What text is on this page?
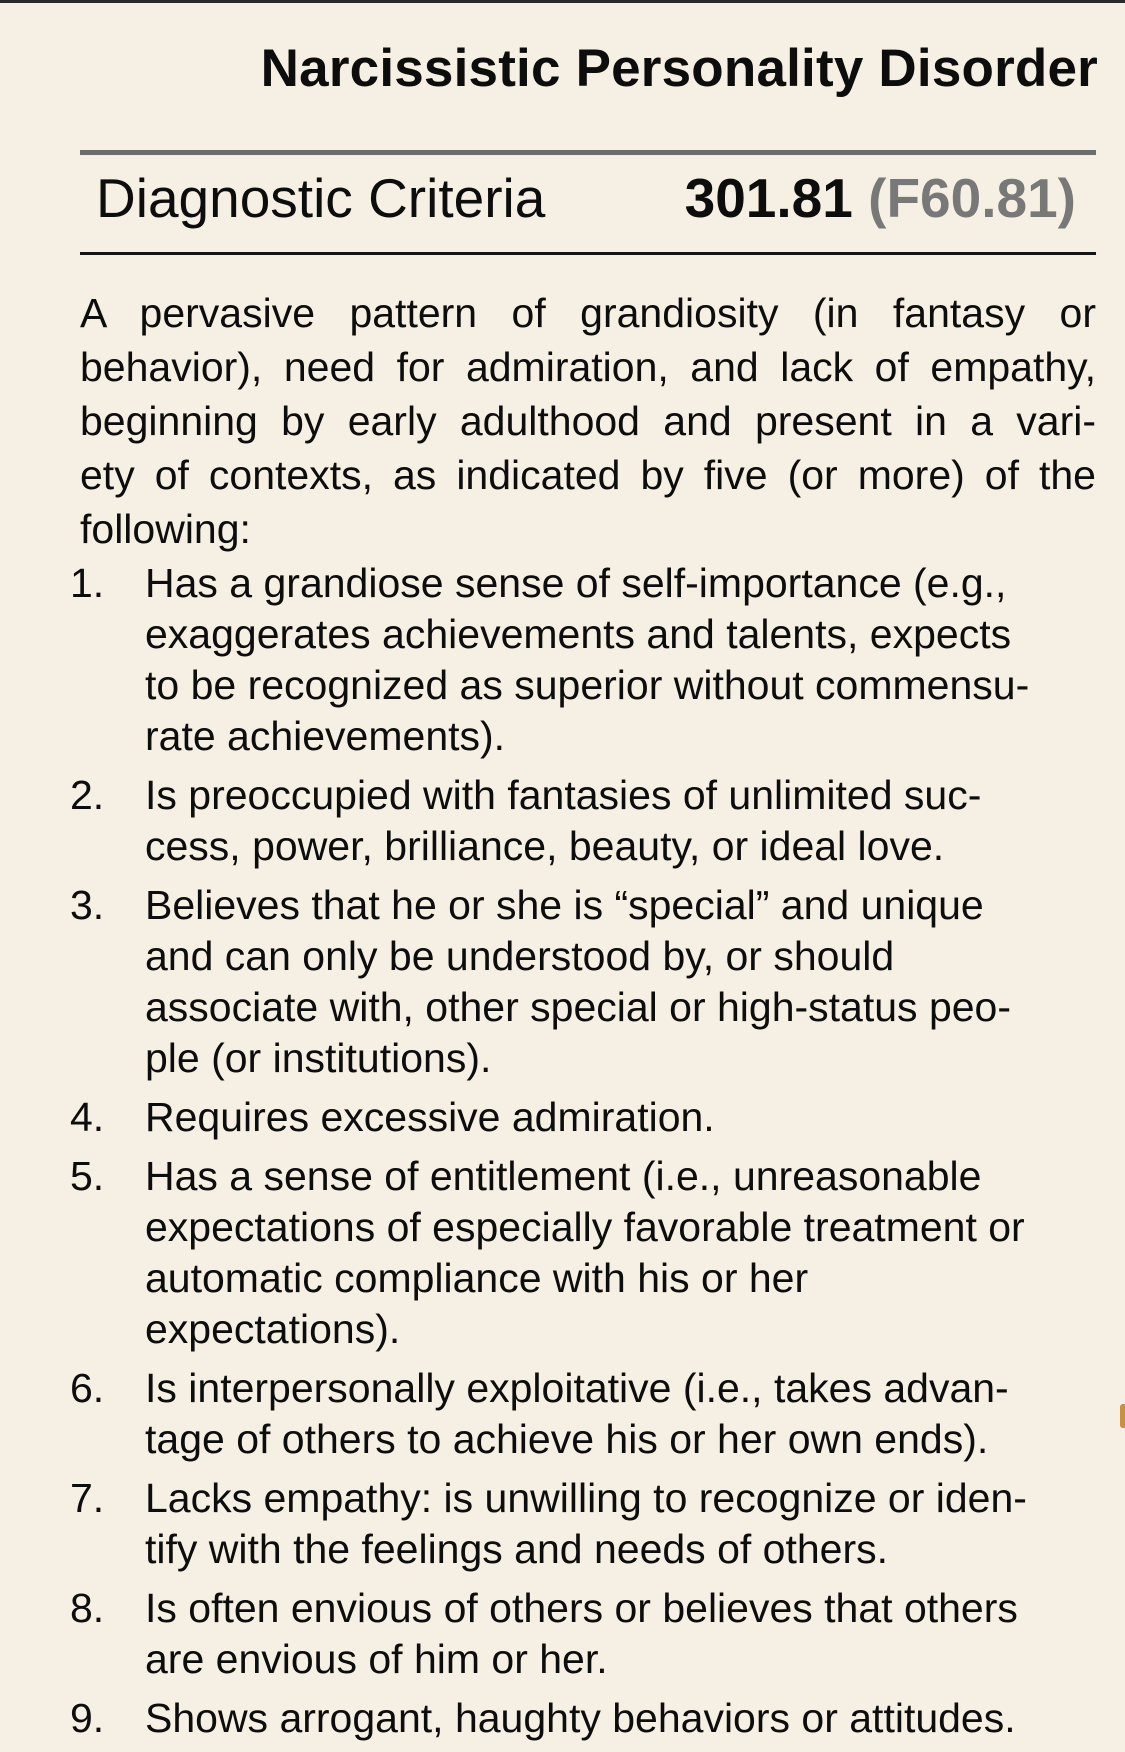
Narcissistic Personality Disorder
Diagnostic Criteria	301.81 (F60.81)
A pervasive pattern of grandiosity (in fantasy or
behavior), need for admiration, and lack of empathy,
beginning by early adulthood and present in a vari-
ety of contexts, as indicated by five (or more) of the
following:
1. Has a grandiose sense of self-importance (e.g.,
exaggerates achievements and talents, expects
to be recognized as superior without commensu-
rate achievements).
2. Is preoccupied with fantasies of unlimited suc-
cess, power, brilliance, beauty, or ideal love.
3. Believes that he or she is “special” and unique
and can only be understood by, or should
associate with, other special or high-status peo-
ple (or institutions).
4. Requires excessive admiration.
5. Has a sense of entitlement (i.e., unreasonable
expectations of especially favorable treatment or
automatic compliance with his or her
expectations).
6. Is interpersonally exploitative (i.e., takes advan-
tage of others to achieve his or her own ends).
7. Lacks empathy: is unwilling to recognize or iden-
tify with the feelings and needs of others.
8. Is often envious of others or believes that others
are envious of him or her.
9. Shows arrogant, haughty behaviors or attitudes.
